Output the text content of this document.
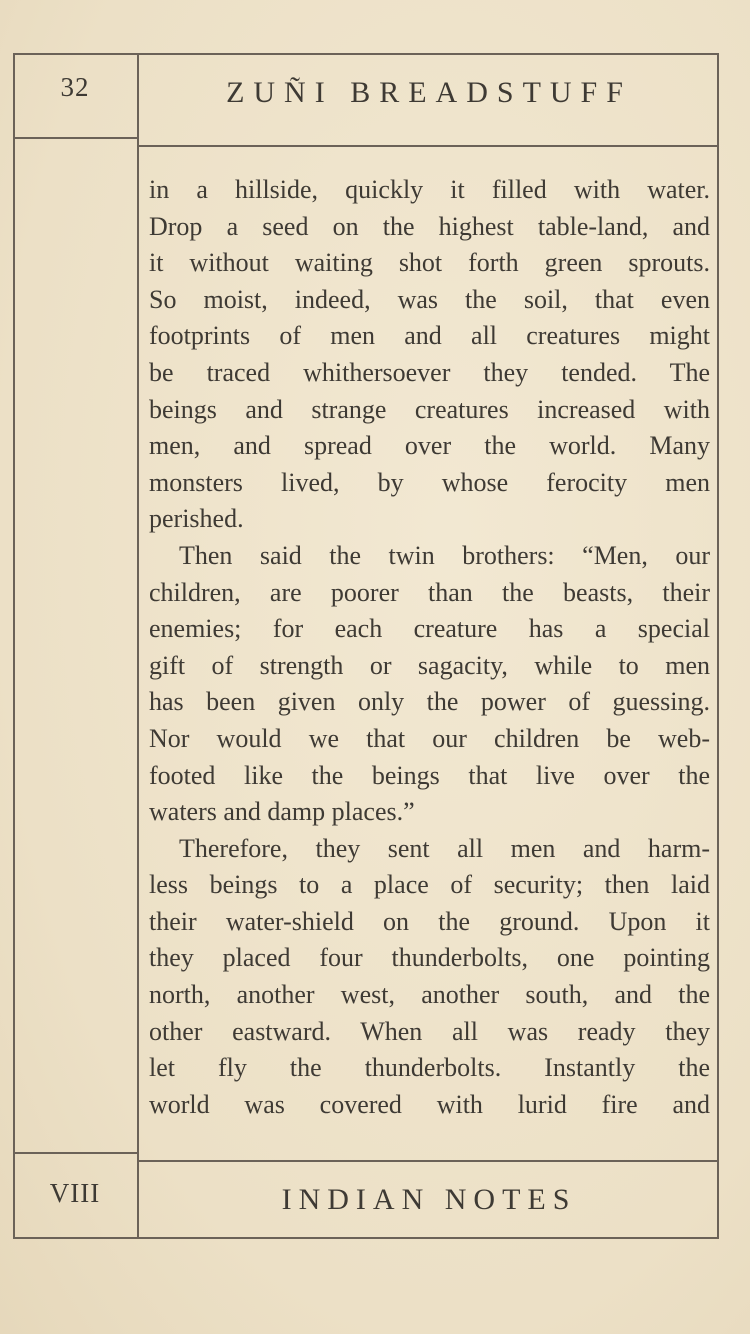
32	ZUÑI BREADSTUFF

in a hillside, quickly it filled with water.
Drop a seed on the highest table-land, and
it without waiting shot forth green sprouts.
So moist, indeed, was the soil, that even
footprints of men and all creatures might
be traced whithersoever they tended. The
beings and strange creatures increased with
men, and spread over the world. Many
monsters lived, by whose ferocity men
perished.

Then said the twin brothers: “Men, our
children, are poorer than the beasts, their
enemies; for each creature has a special
gift of strength or sagacity, while to men
has been given only the power of guessing.
Nor would we that our children be web-
footed like the beings that live over the
waters and damp places.”

Therefore, they sent all men and harm-
less beings to a place of security; then laid
their water-shield on the ground. Upon it
they placed four thunderbolts, one pointing
north, another west, another south, and the
other eastward. When all was ready they
let fly the thunderbolts. Instantly the
world was covered with lurid fire and

VIII	INDIAN NOTES
